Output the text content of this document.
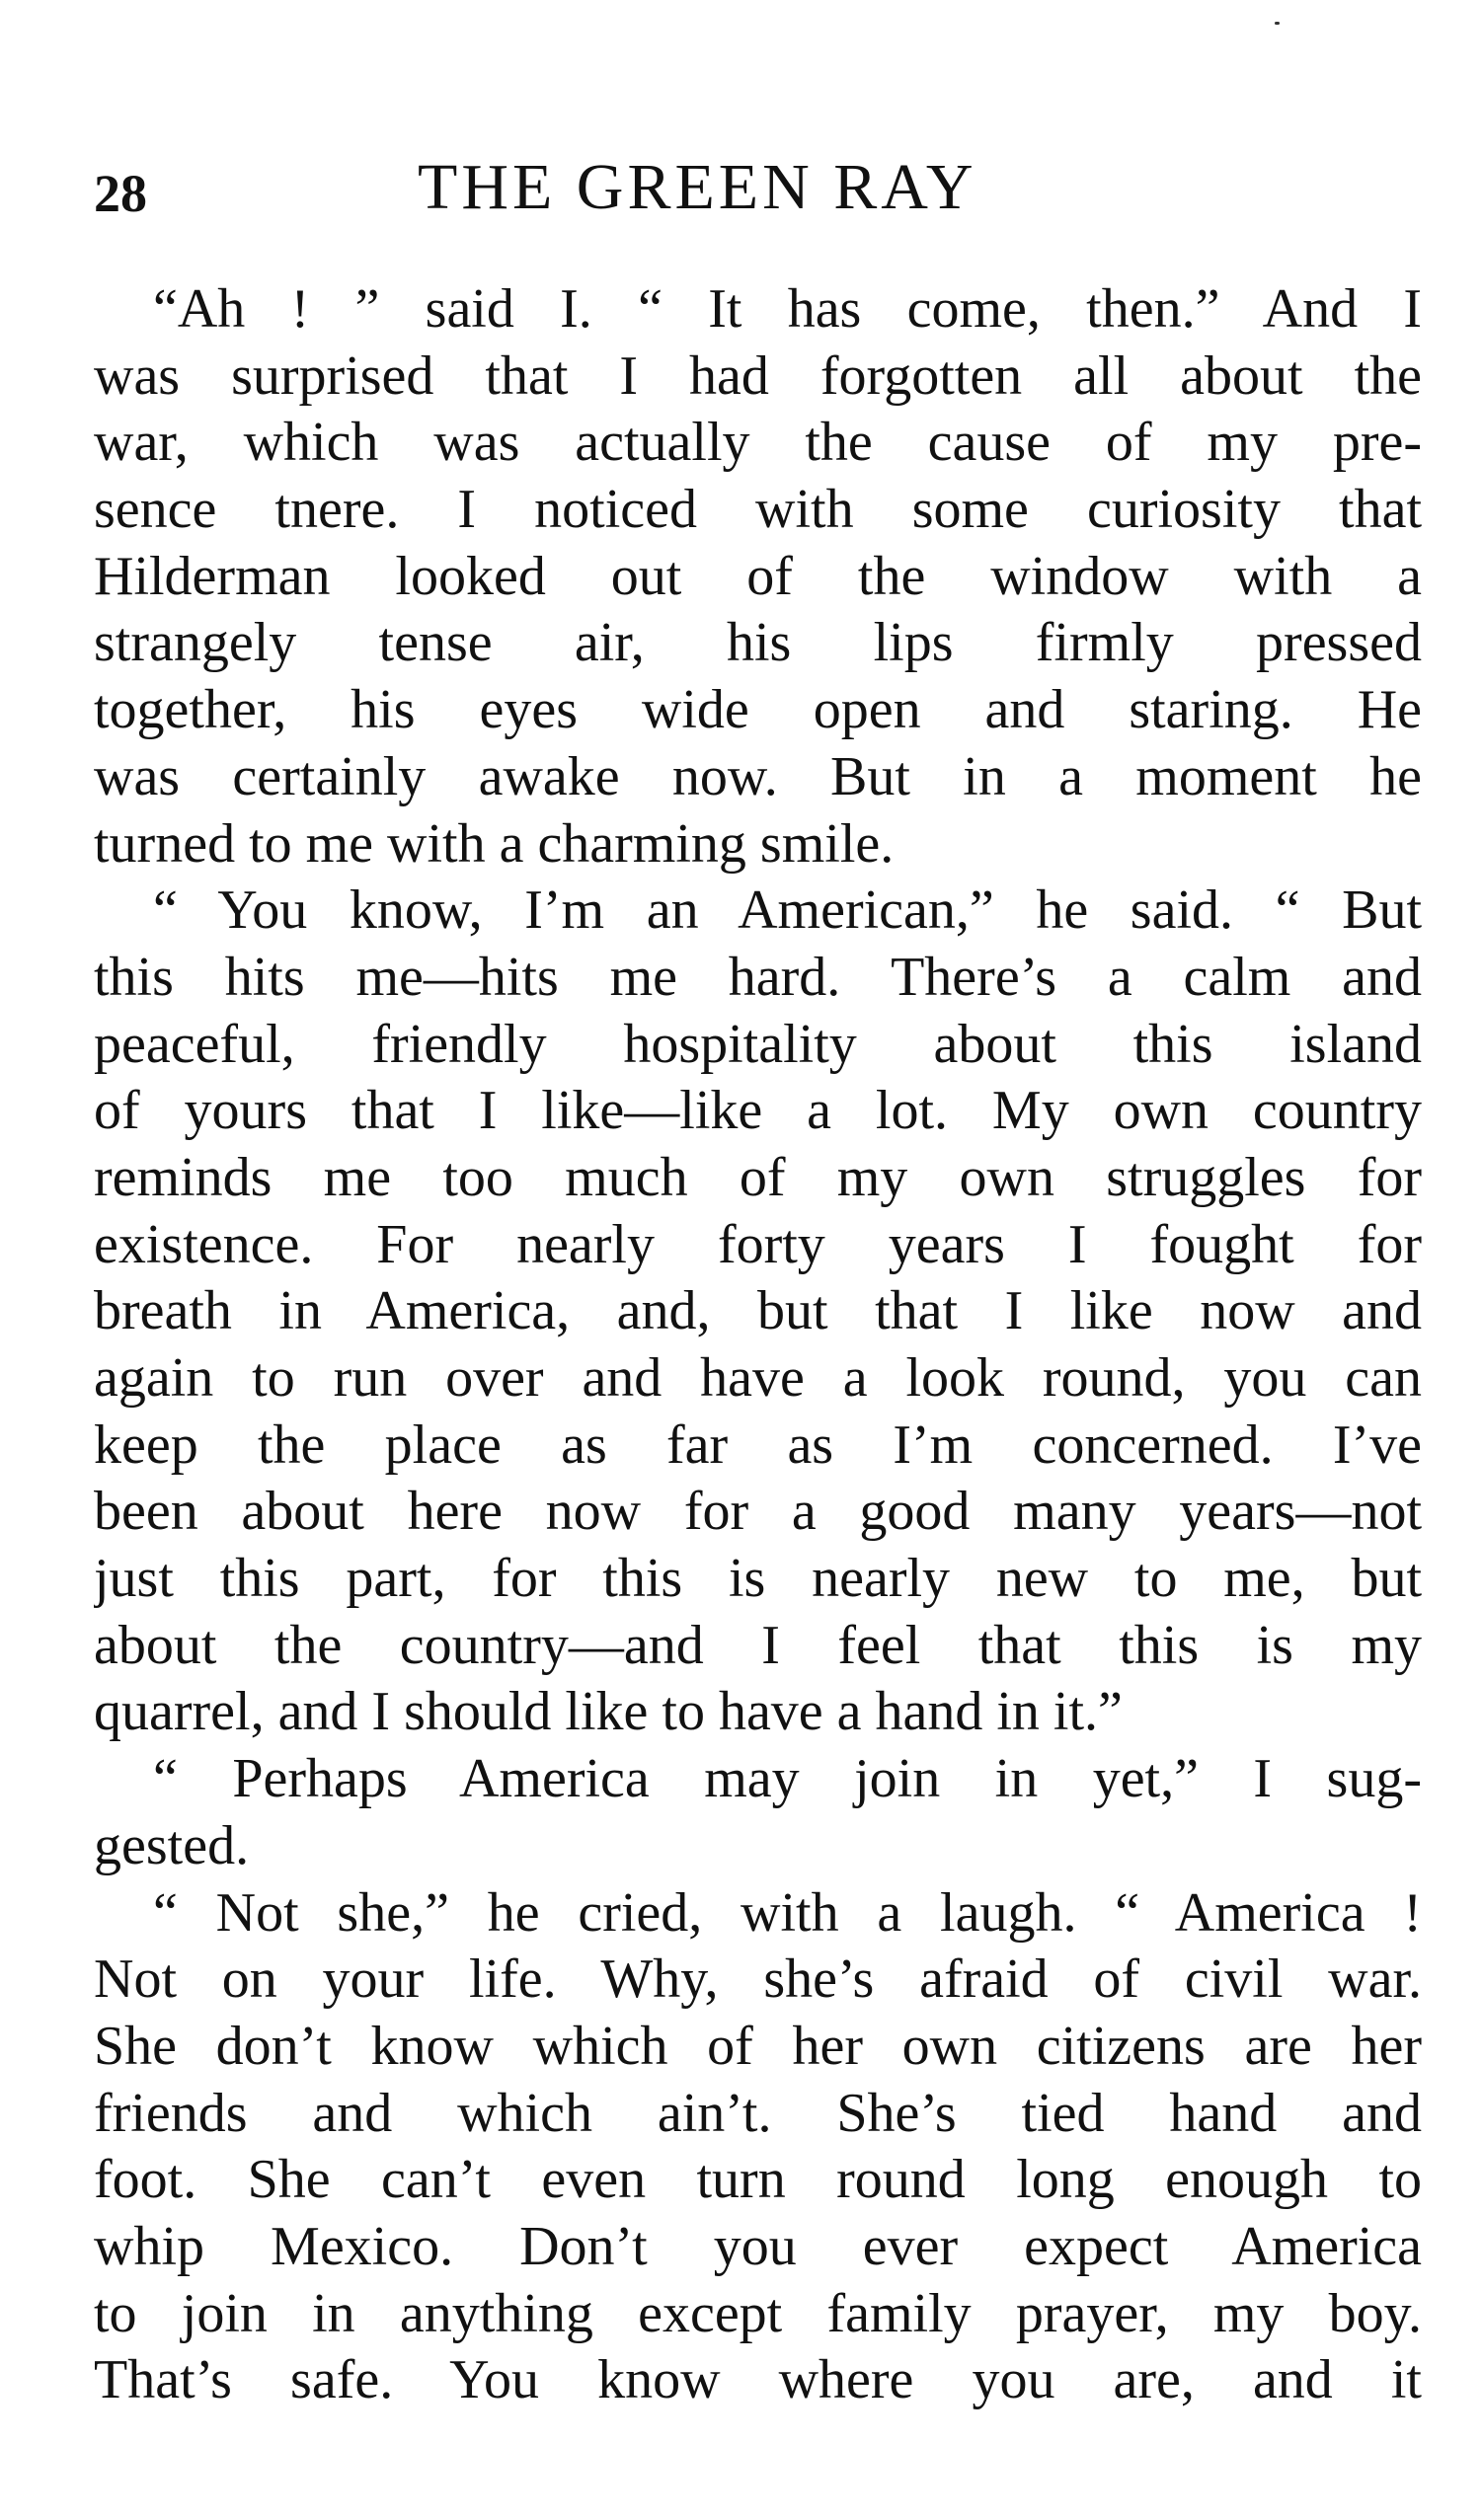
28	THE GREEN RAY
“Ah ! ” said I. “ It has come, then.” And I
was surprised that I had forgotten all about the
war, which was actually the cause of my pre-
sence tnere. I noticed with some curiosity that
Hilderman looked out of the window with a
strangely tense air, his lips firmly pressed
together, his eyes wide open and staring. He
was certainly awake now. But in a moment he
turned to me with a charming smile.
“ You know, I’m an American,” he said. “ But
this hits me—hits me hard. There’s a calm and
peaceful, friendly hospitality about this island
of yours that I like—like a lot. My own country
reminds me too much of my own struggles for
existence. For nearly forty years I fought for
breath in America, and, but that I like now and
again to run over and have a look round, you can
keep the place as far as I’m concerned. I’ve
been about here now for a good many years—not
just this part, for this is nearly new to me, but
about the country—and I feel that this is my
quarrel, and I should like to have a hand in it.”
“ Perhaps America may join in yet,” I sug-
gested.
“ Not she,” he cried, with a laugh. “ America !
Not on your life. Why, she’s afraid of civil war.
She don’t know which of her own citizens are her
friends and which ain’t. She’s tied hand and
foot. She can’t even turn round long enough to
whip Mexico. Don’t you ever expect America
to join in anything except family prayer, my boy.
That’s safe. You know where you are, and it
